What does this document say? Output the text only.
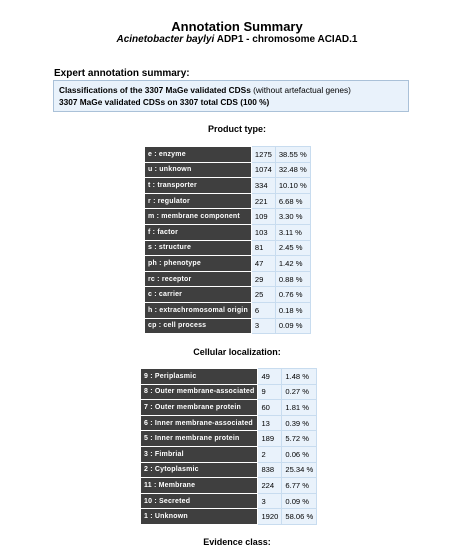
Annotation Summary
Acinetobacter baylyi ADP1 - chromosome ACIAD.1
Expert annotation summary:
Classifications of the 3307 MaGe validated CDSs (without artefactual genes)
3307 MaGe validated CDSs on 3307 total CDS (100 %)
Product type:
e : enzyme	1275	38.55 %
u : unknown	1074	32.48 %
t : transporter	334	10.10 %
r : regulator	221	6.68 %
m : membrane component	109	3.30 %
f : factor	103	3.11 %
s : structure	81	2.45 %
ph : phenotype	47	1.42 %
rc : receptor	29	0.88 %
c : carrier	25	0.76 %
h : extrachromosomal origin	6	0.18 %
cp : cell process	3	0.09 %
Cellular localization:
9 : Periplasmic	49	1.48 %
8 : Outer membrane-associated	9	0.27 %
7 : Outer membrane protein	60	1.81 %
6 : Inner membrane-associated	13	0.39 %
5 : Inner membrane protein	189	5.72 %
3 : Fimbrial	2	0.06 %
2 : Cytoplasmic	838	25.34 %
11 : Membrane	224	6.77 %
10 : Secreted	3	0.09 %
1 : Unknown	1920	58.06 %
Evidence class:
